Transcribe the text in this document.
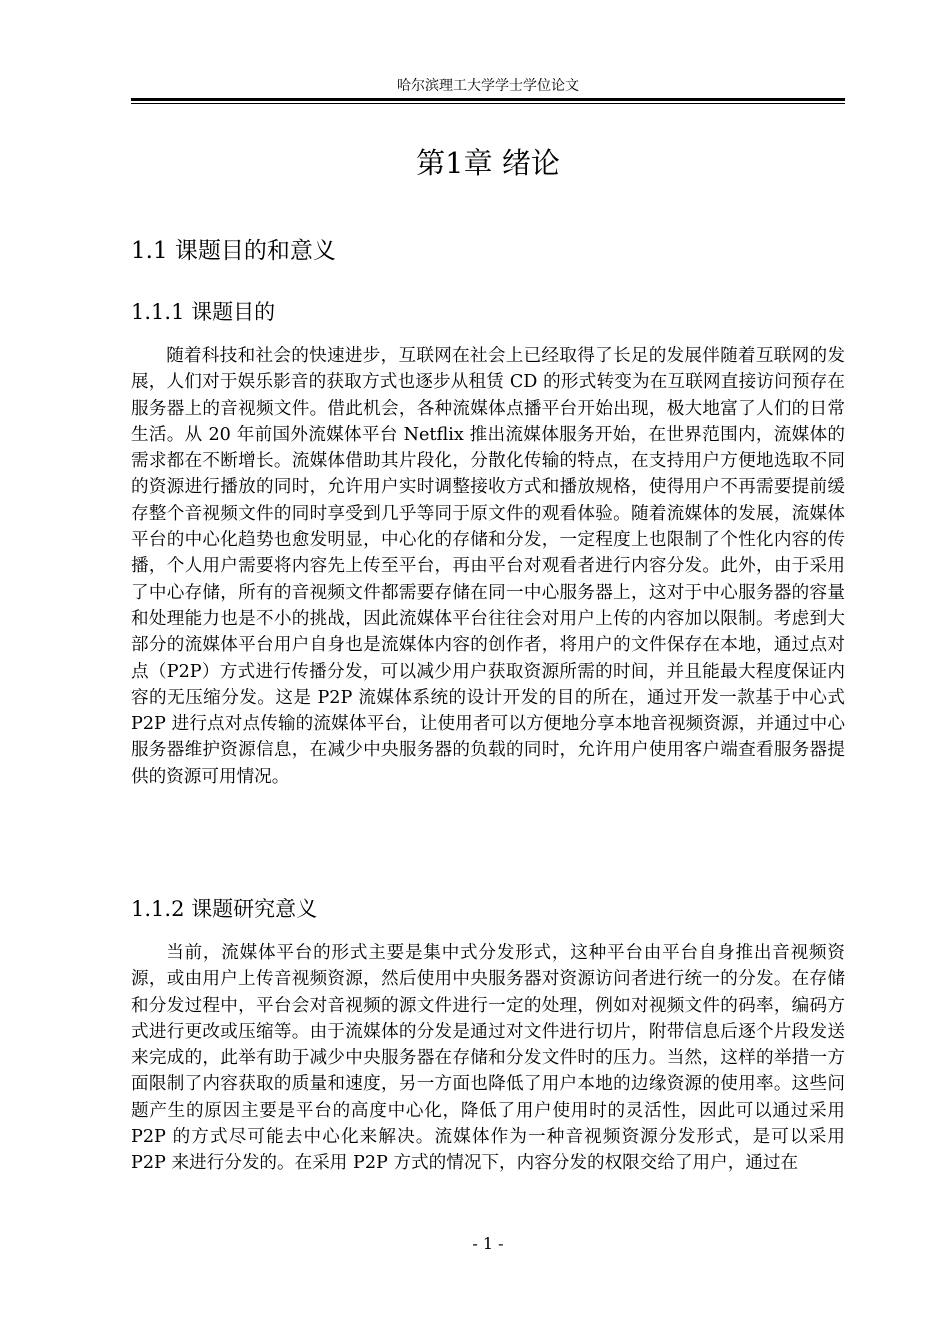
哈尔滨理工大学学士学位论文
第1章 绪论
1.1 课题目的和意义
1.1.1 课题目的

随着科技和社会的快速进步，互联网在社会上已经取得了长足的发展伴随着互联网的发展，人们对于娱乐影音的获取方式也逐步从租赁 CD 的形式转变为在互联网直接访问预存在服务器上的音视频文件。借此机会，各种流媒体点播平台开始出现，极大地富了人们的日常生活。从 20 年前国外流媒体平台 Netflix 推出流媒体服务开始，在世界范围内，流媒体的需求都在不断增长。流媒体借助其片段化，分散化传输的特点，在支持用户方便地选取不同的资源进行播放的同时，允许用户实时调整接收方式和播放规格，使得用户不再需要提前缓存整个音视频文件的同时享受到几乎等同于原文件的观看体验。随着流媒体的发展，流媒体平台的中心化趋势也愈发明显，中心化的存储和分发，一定程度上也限制了个性化内容的传播，个人用户需要将内容先上传至平台，再由平台对观看者进行内容分发。此外，由于采用了中心存储，所有的音视频文件都需要存储在同一中心服务器上，这对于中心服务器的容量和处理能力也是不小的挑战，因此流媒体平台往往会对用户上传的内容加以限制。考虑到大部分的流媒体平台用户自身也是流媒体内容的创作者，将用户的文件保存在本地，通过点对点（P2P）方式进行传播分发，可以减少用户获取资源所需的时间，并且能最大程度保证内容的无压缩分发。这是 P2P 流媒体系统的设计开发的目的所在，通过开发一款基于中心式 P2P 进行点对点传输的流媒体平台，让使用者可以方便地分享本地音视频资源，并通过中心服务器维护资源信息，在减少中央服务器的负载的同时，允许用户使用客户端查看服务器提供的资源可用情况。

1.1.2 课题研究意义

当前，流媒体平台的形式主要是集中式分发形式，这种平台由平台自身推出音视频资源，或由用户上传音视频资源，然后使用中央服务器对资源访问者进行统一的分发。在存储和分发过程中，平台会对音视频的源文件进行一定的处理，例如对视频文件的码率，编码方式进行更改或压缩等。由于流媒体的分发是通过对文件进行切片，附带信息后逐个片段发送来完成的，此举有助于减少中央服务器在存储和分发文件时的压力。当然，这样的举措一方面限制了内容获取的质量和速度，另一方面也降低了用户本地的边缘资源的使用率。这些问题产生的原因主要是平台的高度中心化，降低了用户使用时的灵活性，因此可以通过采用 P2P 的方式尽可能去中心化来解决。流媒体作为一种音视频资源分发形式，是可以采用 P2P 来进行分发的。在采用 P2P 方式的情况下，内容分发的权限交给了用户，通过在

- 1 -
